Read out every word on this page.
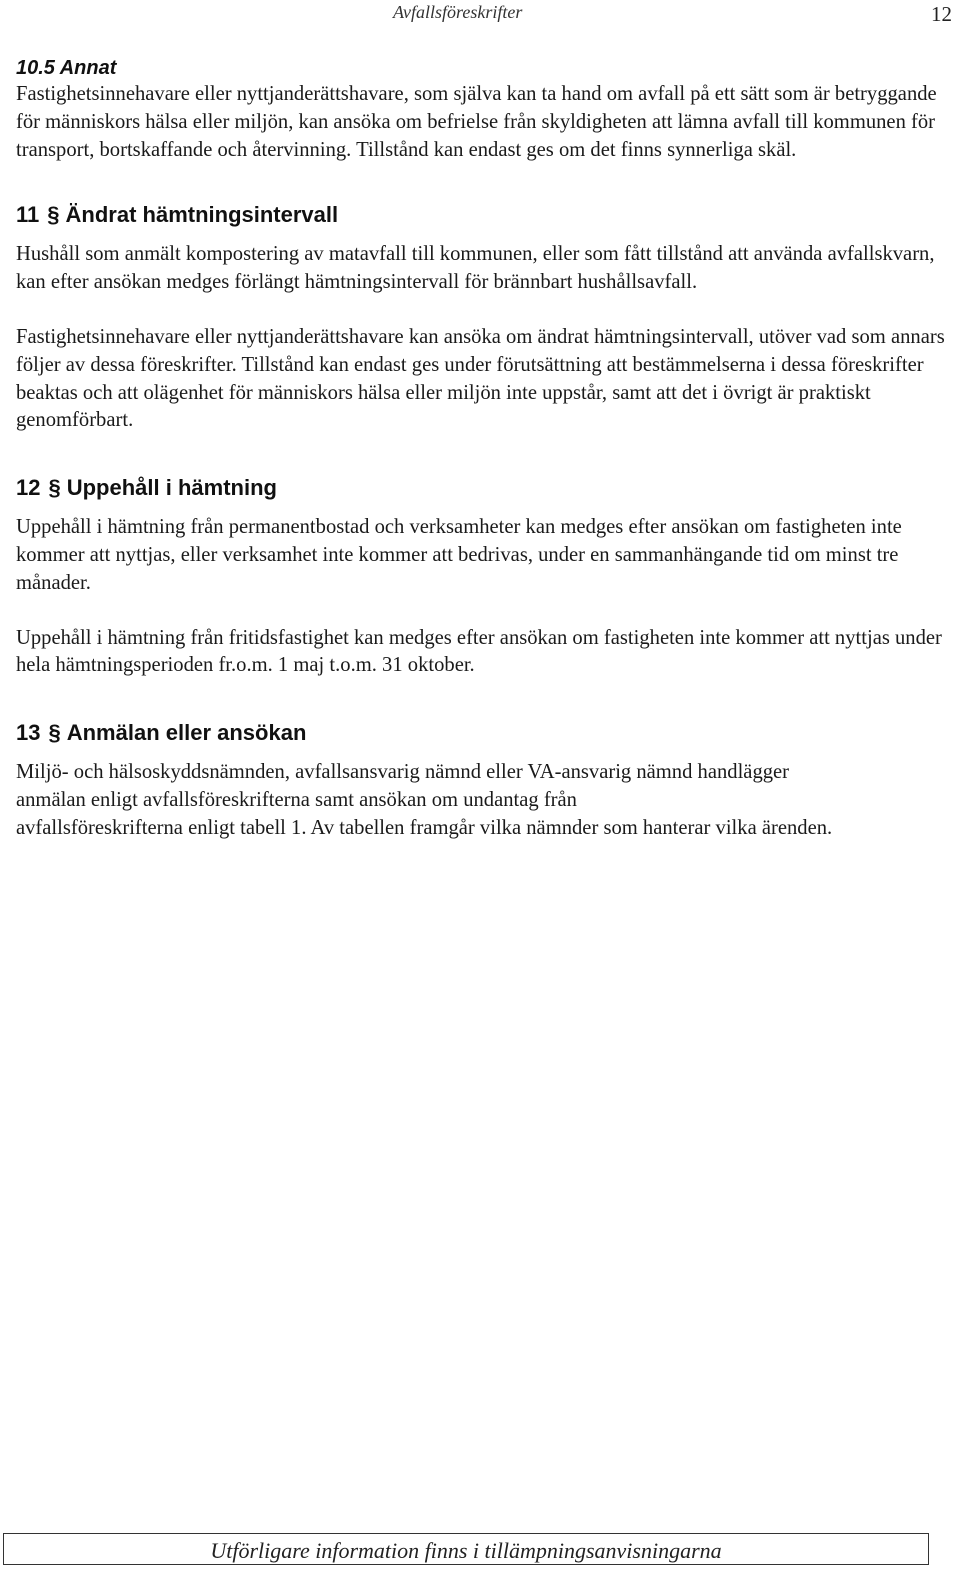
Avfallsföreskrifter	12
10.5 Annat

Fastighetsinnehavare eller nyttjanderättshavare, som själva kan ta hand om avfall på ett sätt som är betryggande för människors hälsa eller miljön, kan ansöka om befrielse från skyldigheten att lämna avfall till kommunen för transport, bortskaffande och återvinning. Tillstånd kan endast ges om det finns synnerliga skäl.

11 § Ändrat hämtningsintervall

Hushåll som anmält kompostering av matavfall till kommunen, eller som fått tillstånd att använda avfallskvarn, kan efter ansökan medges förlängt hämtningsintervall för brännbart hushållsavfall.

Fastighetsinnehavare eller nyttjanderättshavare kan ansöka om ändrat hämtningsintervall, utöver vad som annars följer av dessa föreskrifter. Tillstånd kan endast ges under förutsättning att bestämmelserna i dessa föreskrifter beaktas och att olägenhet för människors hälsa eller miljön inte uppstår, samt att det i övrigt är praktiskt genomförbart.

12 § Uppehåll i hämtning

Uppehåll i hämtning från permanentbostad och verksamheter kan medges efter ansökan om fastigheten inte kommer att nyttjas, eller verksamhet inte kommer att bedrivas, under en sammanhängande tid om minst tre månader.

Uppehåll i hämtning från fritidsfastighet kan medges efter ansökan om fastigheten inte kommer att nyttjas under hela hämtningsperioden fr.o.m. 1 maj t.o.m. 31 oktober.

13 § Anmälan eller ansökan

Miljö- och hälsoskyddsnämnden, avfallsansvarig nämnd eller VA-ansvarig nämnd handlägger
anmälan enligt avfallsföreskrifterna samt ansökan om undantag från
avfallsföreskrifterna enligt tabell 1. Av tabellen framgår vilka nämnder som hanterar vilka ärenden.

Utförligare information finns i tillämpningsanvisningarna
